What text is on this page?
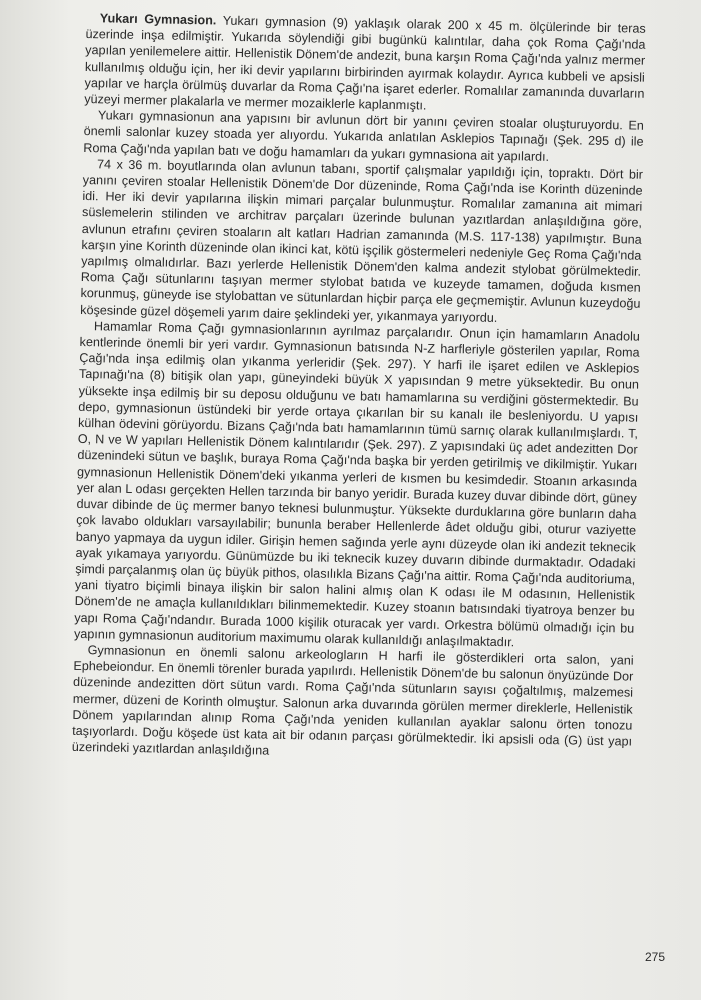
Yukarı Gymnasion. Yukarı gymnasion (9) yaklaşık olarak 200 x 45 m. ölçülerinde bir teras üzerinde inşa edilmiştir. Yukarıda söylendiği gibi bugünkü kalıntılar, daha çok Roma Çağı'nda yapılan yenilemelere aittir. Hellenistik Dönem'de andezit, buna karşın Roma Çağı'nda yalnız mermer kullanılmış olduğu için, her iki devir yapılarını birbirinden ayırmak kolaydır. Ayrıca kubbeli ve apsisli yapılar ve harçla örülmüş duvarlar da Roma Çağı'na işaret ederler. Romalılar zamanında duvarların yüzeyi mermer plakalarla ve mermer mozaiklerle kaplanmıştı.

Yukarı gymnasionun ana yapısını bir avlunun dört bir yanını çeviren stoalar oluşturuyordu. En önemli salonlar kuzey stoada yer alıyordu. Yukarıda anlatılan Asklepios Tapınağı (Şek. 295 d) ile Roma Çağı'nda yapılan batı ve doğu hamamları da yukarı gymnasiona ait yapılardı.

74 x 36 m. boyutlarında olan avlunun tabanı, sportif çalışmalar yapıldığı için, topraktı. Dört bir yanını çeviren stoalar Hellenistik Dönem'de Dor düzeninde, Roma Çağı'nda ise Korinth düzeninde idi. Her iki devir yapılarına ilişkin mimari parçalar bulunmuştur. Romalılar zamanına ait mimari süslemelerin stilinden ve architrav parçaları üzerinde bulunan yazıtlardan anlaşıldığına göre, avlunun etrafını çeviren stoaların alt katları Hadrian zamanında (M.S. 117-138) yapılmıştır. Buna karşın yine Korinth düzeninde olan ikinci kat, kötü işçilik göstermeleri nedeniyle Geç Roma Çağı'nda yapılmış olmalıdırlar. Bazı yerlerde Hellenistik Dönem'den kalma andezit stylobat görülmektedir. Roma Çağı sütunlarını taşıyan mermer stylobat batıda ve kuzeyde tamamen, doğuda kısmen korunmuş, güneyde ise stylobattan ve sütunlardan hiçbir parça ele geçmemiştir. Avlunun kuzeydoğu köşesinde güzel döşemeli yarım daire şeklindeki yer, yıkanmaya yarıyordu.

Hamamlar Roma Çağı gymnasionlarının ayrılmaz parçalarıdır. Onun için hamamların Anadolu kentlerinde önemli bir yeri vardır. Gymnasionun batısında N-Z harfleriyle gösterilen yapılar, Roma Çağı'nda inşa edilmiş olan yıkanma yerleridir (Şek. 297). Y harfi ile işaret edilen ve Asklepios Tapınağı'na (8) bitişik olan yapı, güneyindeki büyük X yapısından 9 metre yüksektedir. Bu onun yüksekte inşa edilmiş bir su deposu olduğunu ve batı hamamlarına su verdiğini göstermektedir. Bu depo, gymnasionun üstündeki bir yerde ortaya çıkarılan bir su kanalı ile besleniyordu. U yapısı külhan ödevini görüyordu. Bizans Çağı'nda batı hamamlarının tümü sarnıç olarak kullanılmışlardı. T, O, N ve W yapıları Hellenistik Dönem kalıntılarıdır (Şek. 297). Z yapısındaki üç adet andezitten Dor düzenindeki sütun ve başlık, buraya Roma Çağı'nda başka bir yerden getirilmiş ve dikilmiştir. Yukarı gymnasionun Hellenistik Dönem'deki yıkanma yerleri de kısmen bu kesimdedir. Stoanın arkasında yer alan L odası gerçekten Hellen tarzında bir banyo yeridir. Burada kuzey duvar dibinde dört, güney duvar dibinde de üç mermer banyo teknesi bulunmuştur. Yüksekte durduklarına göre bunların daha çok lavabo oldukları varsayılabilir; bununla beraber Hellenlerde âdet olduğu gibi, oturur vaziyette banyo yapmaya da uygun idiler. Girişin hemen sağında yerle aynı düzeyde olan iki andezit teknecik ayak yıkamaya yarıyordu. Günümüzde bu iki teknecik kuzey duvarın dibinde durmaktadır. Odadaki şimdi parçalanmış olan üç büyük pithos, olasılıkla Bizans Çağı'na aittir. Roma Çağı'nda auditoriuma, yani tiyatro biçimli binaya ilişkin bir salon halini almış olan K odası ile M odasının, Hellenistik Dönem'de ne amaçla kullanıldıkları bilinmemektedir. Kuzey stoanın batısındaki tiyatroya benzer bu yapı Roma Çağı'ndandır. Burada 1000 kişilik oturacak yer vardı. Orkestra bölümü olmadığı için bu yapının gymnasionun auditorium maximumu olarak kullanıldığı anlaşılmaktadır.

Gymnasionun en önemli salonu arkeologların H harfi ile gösterdikleri orta salon, yani Ephebeiondur. En önemli törenler burada yapılırdı. Hellenistik Dönem'de bu salonun önyüzünde Dor düzeninde andezitten dört sütun vardı. Roma Çağı'nda sütunların sayısı çoğaltılmış, malzemesi mermer, düzeni de Korinth olmuştur. Salonun arka duvarında görülen mermer direklerle, Hellenistik Dönem yapılarından alınıp Roma Çağı'nda yeniden kullanılan ayaklar salonu örten tonozu taşıyorlardı. Doğu köşede üst kata ait bir odanın parçası görülmektedir. İki apsisli oda (G) üst yapı üzerindeki yazıtlardan anlaşıldığına

275
